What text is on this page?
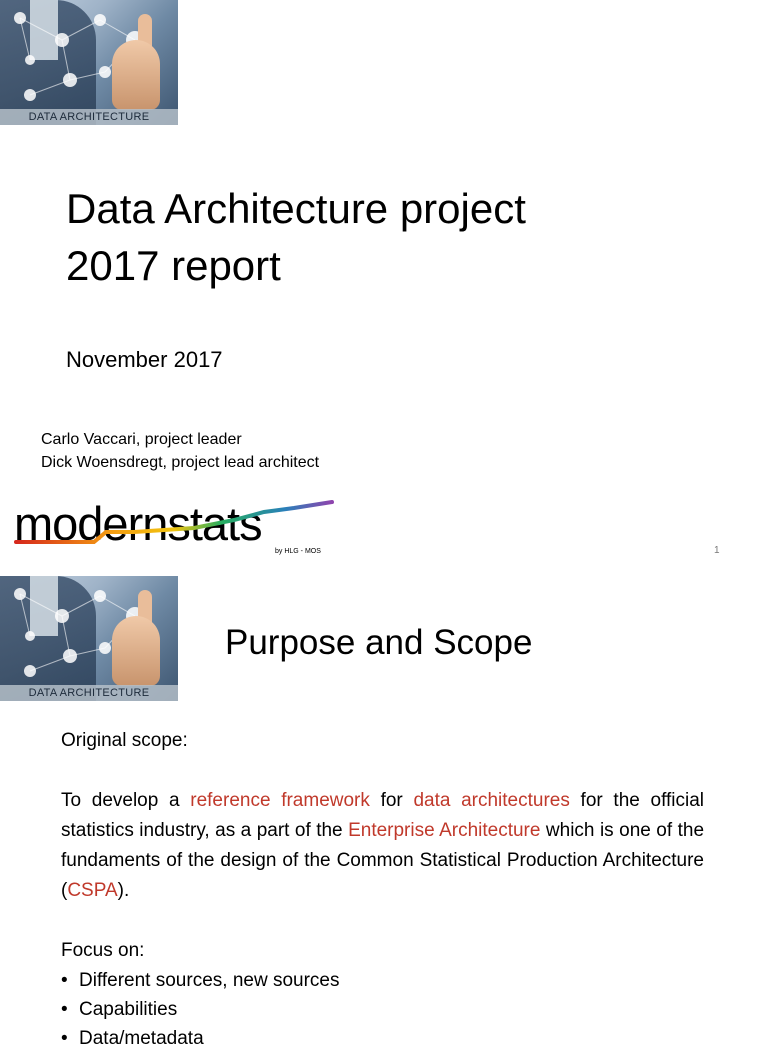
DATA ARCHITECTURE
Data Architecture project
2017 report
November 2017
Carlo Vaccari, project leader
Dick Woensdregt, project lead architect
modernstats
by HLG - MOS	1
DATA ARCHITECTURE
Purpose and Scope

Original scope:

To develop a reference framework for data architectures for the official statistics industry, as a part of the Enterprise Architecture which is one of the fundaments of the design of the Common Statistical Production Architecture (CSPA).

Focus on:

• Different sources, new sources
• Capabilities
• Data/metadata
